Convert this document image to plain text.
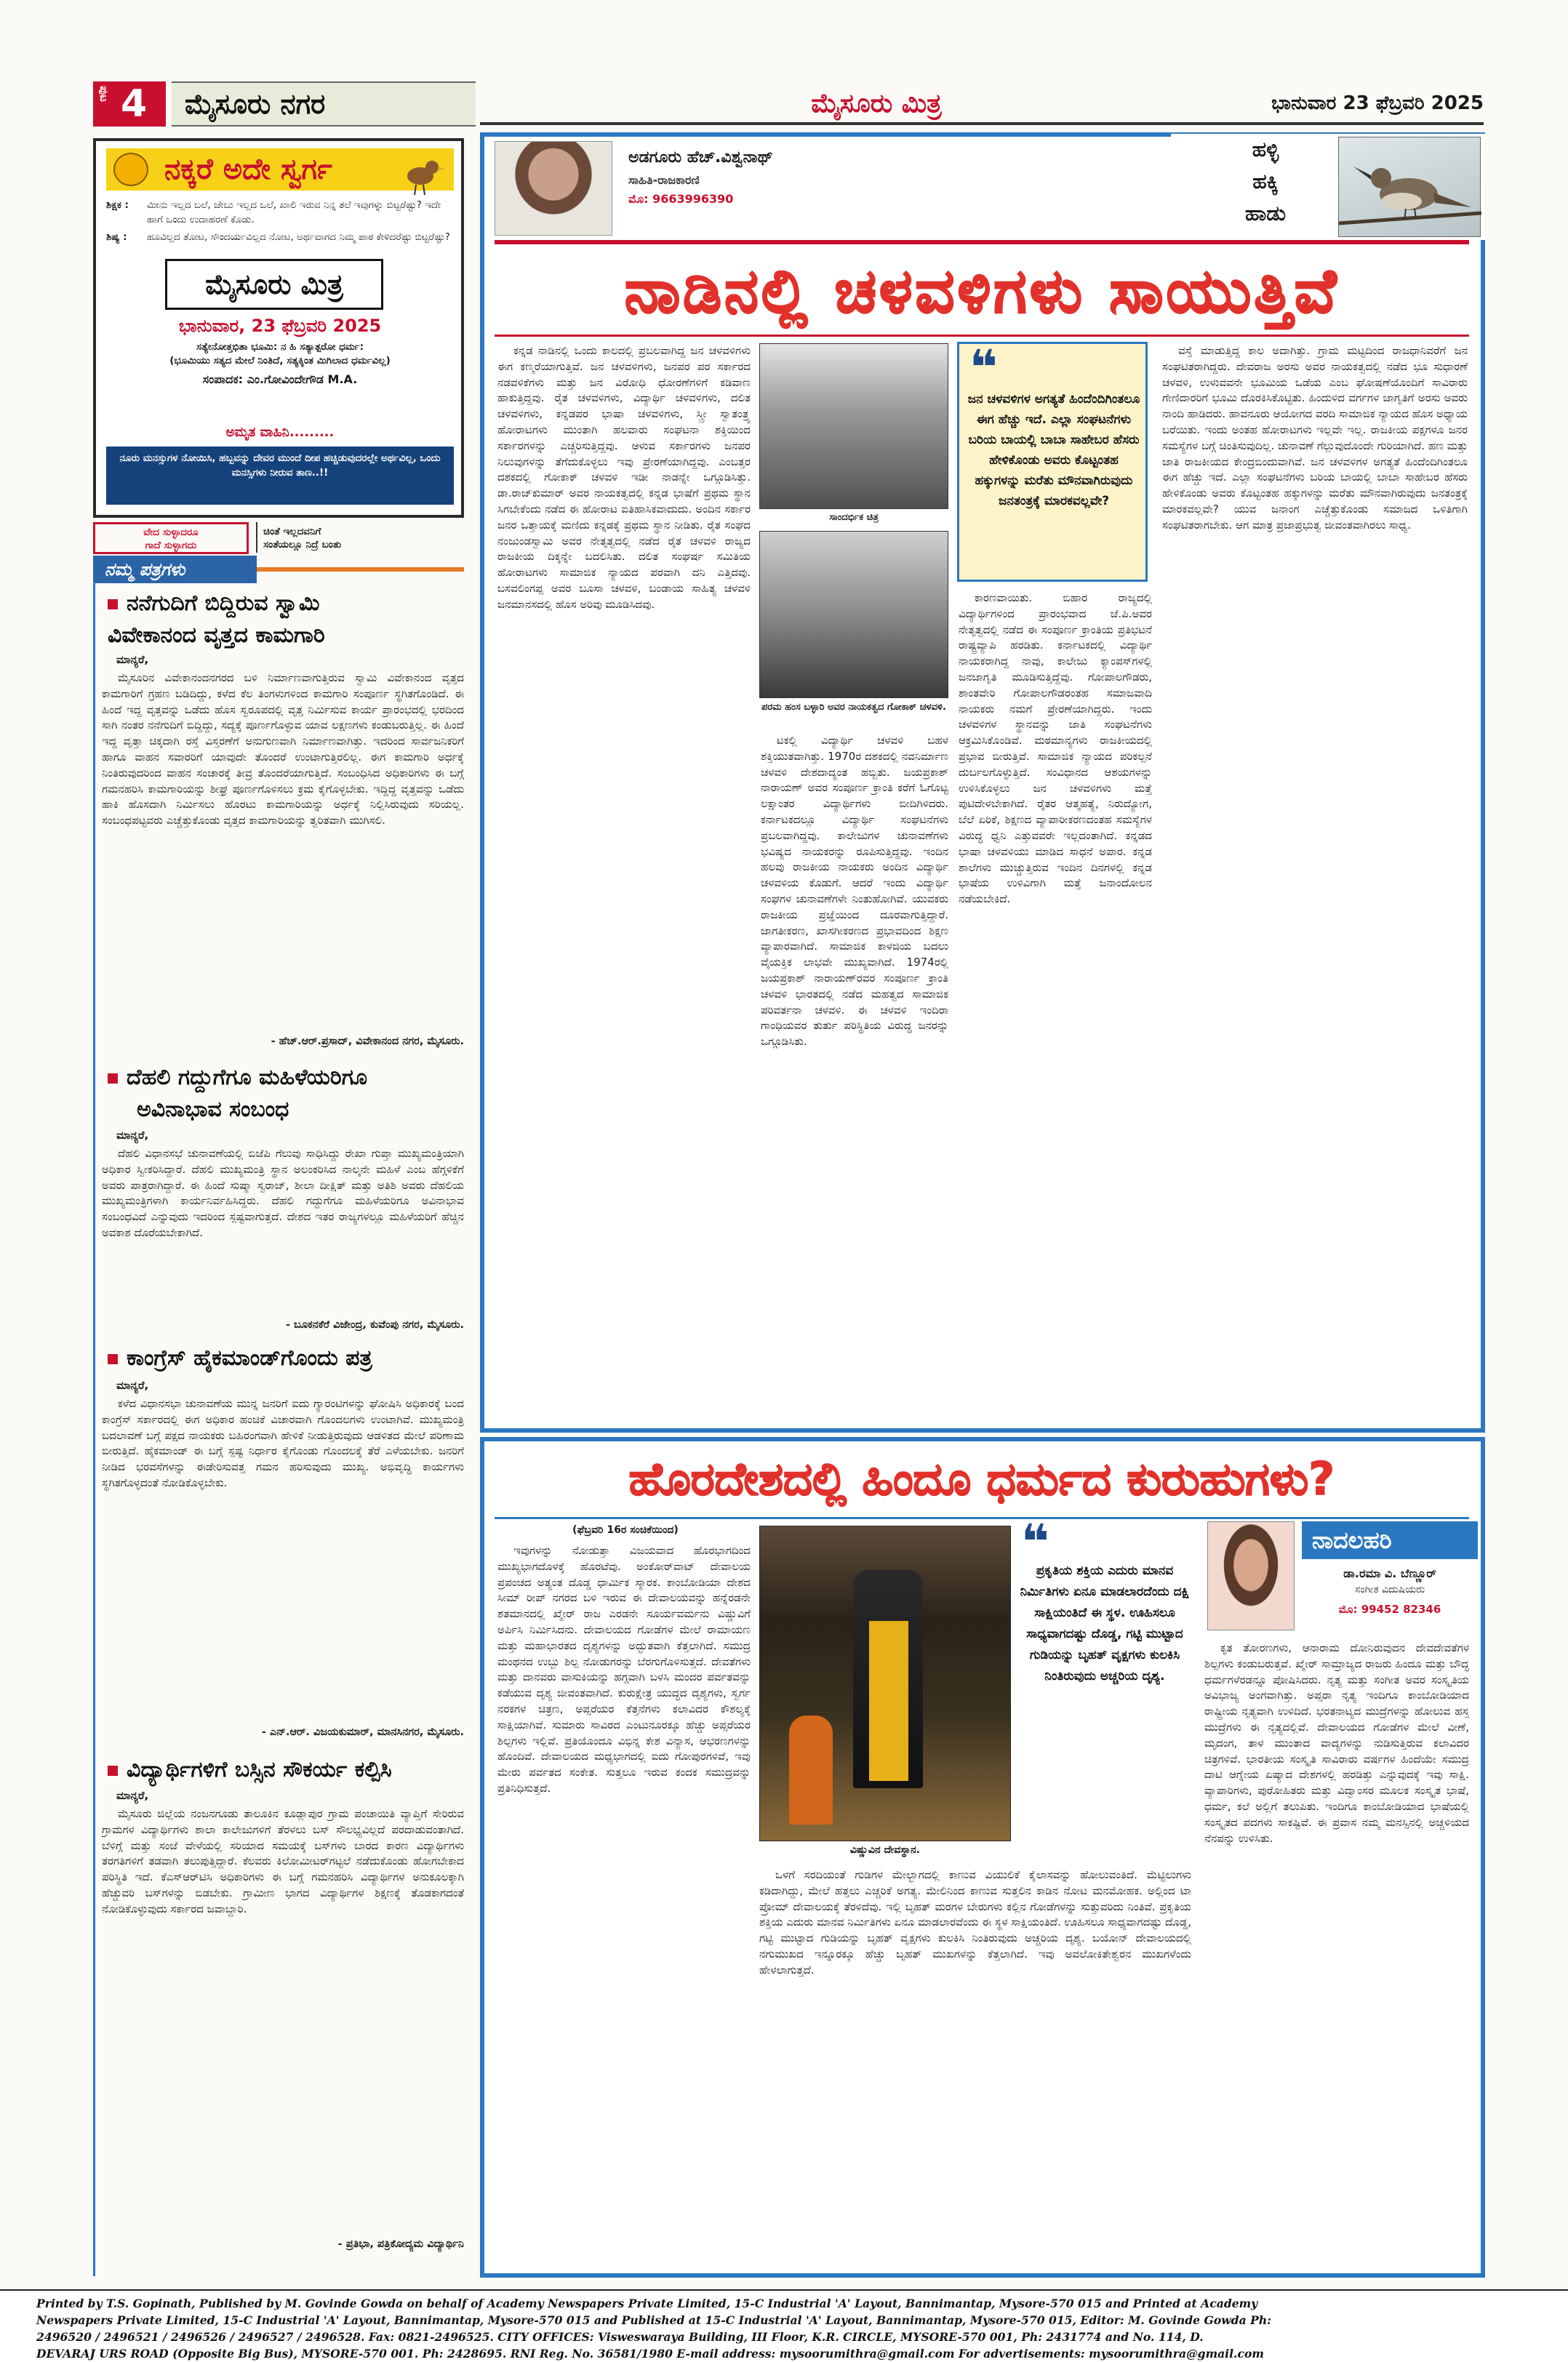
ಪುಟ 4	ಮೈಸೂರು ನಗರ	ಮೈಸೂರು ಮಿತ್ರ	ಭಾನುವಾರ 23 ಫೆಬ್ರವರಿ 2025
ನಕ್ಕರೆ ಅದೇ ಸ್ವರ್ಗ
ಶಿಕ್ಷಕ :	ಮೀನು ಇಲ್ಲದ ಬಲೆ, ಜೇಬು ಇಲ್ಲದ ಒಲೆ, ಖಾಲಿ ಇರುವ ನಿನ್ನ ತಲೆ ಇವುಗಳ್ನು ಬಿಟ್ಟರೆಷ್ಟು? ಇದೇ ಹಾಗೆ ಒಂದು ಉದಾಹರಣೆ ಕೊಡು.
ಶಿಷ್ಯ :	ಹೂವಿಲ್ಲದ ತೋಟ, ಸೌಂದರ್ಯವಿಲ್ಲದ ನೋಟ, ಅರ್ಥವಾಗದ ನಿಮ್ಮ ಪಾಠ ಕೇಳಿದರೆಷ್ಟು ಬಿಟ್ಟರೆಷ್ಟು?
ಮೈಸೂರು ಮಿತ್ರ
ಭಾನುವಾರ, 23 ಫೆಬ್ರವರಿ 2025
ಸತ್ಯೇನೋತ್ತಭಿತಾ ಭೂಮಿ: ನ ಹಿ ಸತ್ಯಾತ್ಪರೋ ಧರ್ಮ:
(ಭೂಮಿಯು ಸತ್ಯದ ಮೇಲೆ ನಿಂತಿದೆ, ಸತ್ಯಕ್ಕಿಂತ ಮಿಗಿಲಾದ ಧರ್ಮವಿಲ್ಲ)
ಸಂಪಾದಕ: ಎಂ.ಗೋವಿಂದೇಗೌಡ M.A.
ಅಮೃತ ವಾಹಿನಿ.........
ನೂರು ಮನಸ್ಸುಗಳ ನೋಯಿಸಿ, ಹಬ್ಬವನ್ನು ದೇವರ ಮುಂದೆ ದೀಪ ಹಚ್ಚಿಡುವುದರಲ್ಲೇ ಅರ್ಥವಿಲ್ಲ, ಒಂದು ಮನಸ್ಸಿಗಳು ನೀರುವ ತಾಣ..!!
ವೇದ ಸುಳ್ಳಾದರೂ
ಗಾದೆ ಸುಳ್ಳಾಗದು
ಚಿಂತೆ ಇಲ್ಲದವನಿಗೆ
ಸಂತೆಯಲ್ಲೂ ನಿದ್ರೆ ಬಂತು
ನಮ್ಮ ಪತ್ರಗಳು
ನನೆಗುದಿಗೆ ಬಿದ್ದಿರುವ ಸ್ವಾಮಿ
ವಿವೇಕಾನಂದ ವೃತ್ತದ ಕಾಮಗಾರಿ
ಮಾನ್ಯರೆ,

ಮೈಸೂರಿನ ವಿವೇಕಾನಂದನಗರದ ಬಳಿ ನಿರ್ಮಾಣವಾಗುತ್ತಿರುವ ಸ್ವಾಮಿ ವಿವೇಕಾನಂದ ವೃತ್ತದ ಕಾಮಗಾರಿಗೆ ಗ್ರಹಣ ಬಡಿದಿದ್ದು, ಕಳೆದ ಕೆಲ ತಿಂಗಳುಗಳಿಂದ ಕಾಮಗಾರಿ ಸಂಪೂರ್ಣ ಸ್ಥಗಿತಗೊಂಡಿದೆ. ಈ ಹಿಂದೆ ಇದ್ದ ವೃತ್ತವನ್ನು ಒಡೆದು ಹೊಸ ಸ್ವರೂಪದಲ್ಲಿ ವೃತ್ತ ನಿರ್ಮಿಸುವ ಕಾರ್ಯ ಪ್ರಾರಂಭದಲ್ಲಿ ಭರದಿಂದ ಸಾಗಿ ನಂತರ ನನೆಗುದಿಗೆ ಬಿದ್ದಿದ್ದು, ಸದ್ಯಕ್ಕೆ ಪೂರ್ಣಗೊಳ್ಳುವ ಯಾವ ಲಕ್ಷಣಗಳು ಕಂಡುಬರುತ್ತಿಲ್ಲ. ಈ ಹಿಂದೆ ಇದ್ದ ವೃತ್ತಾ ಚಿಕ್ಕದಾಗಿ ರಸ್ತೆ ವಿಸ್ತರಣೆಗೆ ಅನುಗುಣವಾಗಿ ನಿರ್ಮಾಣವಾಗಿತ್ತು. ಇದರಿಂದ ಸಾರ್ವಜನಿಕರಿಗೆ ಹಾಗೂ ವಾಹನ ಸವಾರರಿಗೆ ಯಾವುದೇ ತೊಂದರೆ ಉಂಟಾಗುತ್ತಿರಲಿಲ್ಲ. ಈಗ ಕಾಮಗಾರಿ ಅರ್ಧಕ್ಕೆ ನಿಂತಿರುವುದರಿಂದ ವಾಹನ ಸಂಚಾರಕ್ಕೆ ತೀವ್ರ ತೊಂದರೆಯಾಗುತ್ತಿದೆ. ಸಂಬಂಧಿಸಿದ ಅಧಿಕಾರಿಗಳು ಈ ಬಗ್ಗೆ ಗಮನಹರಿಸಿ ಕಾಮಗಾರಿಯನ್ನು ಶೀಘ್ರ ಪೂರ್ಣಗೊಳಿಸಲು ಕ್ರಮ ಕೈಗೊಳ್ಳಬೇಕು. ಇದ್ದಿದ್ದ ವೃತ್ತವನ್ನು ಒಡೆದು ಹಾಕಿ ಹೊಸದಾಗಿ ನಿರ್ಮಿಸಲು ಹೊರಟು ಕಾಮಗಾರಿಯನ್ನು ಅರ್ಧಕ್ಕೆ ನಿಲ್ಲಿಸಿರುವುದು ಸರಿಯಲ್ಲ. ಸಂಬಂಧಪಟ್ಟವರು ಎಚ್ಚೆತ್ತುಕೊಂಡು ವೃತ್ತದ ಕಾಮಗಾರಿಯನ್ನು ತ್ವರಿತವಾಗಿ ಮುಗಿಸಲಿ.

- ಹೆಚ್.ಆರ್.ಪ್ರಸಾದ್, ವಿವೇಕಾನಂದ ನಗರ, ಮೈಸೂರು.
ದೆಹಲಿ ಗದ್ದುಗೆಗೂ ಮಹಿಳೆಯರಿಗೂ
ಅವಿನಾಭಾವ ಸಂಬಂಧ
ಮಾನ್ಯರೆ,

ದೆಹಲಿ ವಿಧಾನಸಭೆ ಚುನಾವಣೆಯಲ್ಲಿ ಬಿಜೆಪಿ ಗೆಲುವು ಸಾಧಿಸಿದ್ದು ರೇಖಾ ಗುಪ್ತಾ ಮುಖ್ಯಮಂತ್ರಿಯಾಗಿ ಅಧಿಕಾರ ಸ್ವೀಕರಿಸಿದ್ದಾರೆ. ದೆಹಲಿ ಮುಖ್ಯಮಂತ್ರಿ ಸ್ಥಾನ ಅಲಂಕರಿಸಿದ ನಾಲ್ಕನೇ ಮಹಿಳೆ ಎಂಬ ಹೆಗ್ಗಳಿಕೆಗೆ ಅವರು ಪಾತ್ರರಾಗಿದ್ದಾರೆ. ಈ ಹಿಂದೆ ಸುಷ್ಮಾ ಸ್ವರಾಜ್, ಶೀಲಾ ದೀಕ್ಷಿತ್ ಮತ್ತು ಅತಿಶಿ ಅವರು ದೆಹಲಿಯ ಮುಖ್ಯಮಂತ್ರಿಗಳಾಗಿ ಕಾರ್ಯನಿರ್ವಹಿಸಿದ್ದರು. ದೆಹಲಿ ಗದ್ದುಗೆಗೂ ಮಹಿಳೆಯರಿಗೂ ಅವಿನಾಭಾವ ಸಂಬಂಧವಿದೆ ಎನ್ನುವುದು ಇದರಿಂದ ಸ್ಪಷ್ಟವಾಗುತ್ತದೆ. ದೇಶದ ಇತರ ರಾಜ್ಯಗಳಲ್ಲೂ ಮಹಿಳೆಯರಿಗೆ ಹೆಚ್ಚಿನ ಅವಕಾಶ ದೊರೆಯಬೇಕಾಗಿದೆ.

- ಬೂಕನಕೆರೆ ವಿಜೇಂದ್ರ, ಕುವೆಂಪು ನಗರ, ಮೈಸೂರು.
ಕಾಂಗ್ರೆಸ್ ಹೈಕಮಾಂಡ್‌ಗೊಂದು ಪತ್ರ
ಮಾನ್ಯರೆ,

ಕಳೆದ ವಿಧಾನಸಭಾ ಚುನಾವಣೆಯ ಮುನ್ನ ಜನರಿಗೆ ಐದು ಗ್ಯಾರಂಟಿಗಳನ್ನು ಘೋಷಿಸಿ ಅಧಿಕಾರಕ್ಕೆ ಬಂದ ಕಾಂಗ್ರೆಸ್ ಸರ್ಕಾರದಲ್ಲಿ ಈಗ ಅಧಿಕಾರ ಹಂಚಿಕೆ ವಿಚಾರವಾಗಿ ಗೊಂದಲಗಳು ಉಂಟಾಗಿವೆ. ಮುಖ್ಯಮಂತ್ರಿ ಬದಲಾವಣೆ ಬಗ್ಗೆ ಪಕ್ಷದ ನಾಯಕರು ಬಹಿರಂಗವಾಗಿ ಹೇಳಿಕೆ ನೀಡುತ್ತಿರುವುದು ಆಡಳಿತದ ಮೇಲೆ ಪರಿಣಾಮ ಬೀರುತ್ತಿದೆ. ಹೈಕಮಾಂಡ್ ಈ ಬಗ್ಗೆ ಸ್ಪಷ್ಟ ನಿರ್ಧಾರ ಕೈಗೊಂಡು ಗೊಂದಲಕ್ಕೆ ತೆರೆ ಎಳೆಯಬೇಕು. ಜನರಿಗೆ ನೀಡಿದ ಭರವಸೆಗಳನ್ನು ಈಡೇರಿಸುವತ್ತ ಗಮನ ಹರಿಸುವುದು ಮುಖ್ಯ. ಅಭಿವೃದ್ಧಿ ಕಾರ್ಯಗಳು ಸ್ಥಗಿತಗೊಳ್ಳದಂತೆ ನೋಡಿಕೊಳ್ಳಬೇಕು.

- ಎನ್.ಆರ್. ವಿಜಯಕುಮಾರ್, ಮಾನಸಿನಗರ, ಮೈಸೂರು.
ವಿದ್ಯಾರ್ಥಿಗಳಿಗೆ ಬಸ್ಸಿನ ಸೌಕರ್ಯ ಕಲ್ಪಿಸಿ
ಮಾನ್ಯರೆ,

ಮೈಸೂರು ಜಿಲ್ಲೆಯ ನಂಜನಗೂಡು ತಾಲೂಕಿನ ಕೂಡ್ಲಾಪುರ ಗ್ರಾಮ ಪಂಚಾಯಿತಿ ವ್ಯಾಪ್ತಿಗೆ ಸೇರಿರುವ ಗ್ರಾಮಗಳ ವಿದ್ಯಾರ್ಥಿಗಳು ಶಾಲಾ ಕಾಲೇಜುಗಳಿಗೆ ತೆರಳಲು ಬಸ್ ಸೌಲಭ್ಯವಿಲ್ಲದೆ ಪರದಾಡುವಂತಾಗಿದೆ. ಬೆಳಿಗ್ಗೆ ಮತ್ತು ಸಂಜೆ ವೇಳೆಯಲ್ಲಿ ಸರಿಯಾದ ಸಮಯಕ್ಕೆ ಬಸ್‌ಗಳು ಬಾರದ ಕಾರಣ ವಿದ್ಯಾರ್ಥಿಗಳು ತರಗತಿಗಳಿಗೆ ತಡವಾಗಿ ತಲುಪುತ್ತಿದ್ದಾರೆ. ಕೆಲವರು ಕಿಲೋಮೀಟರ್‌ಗಟ್ಟಲೆ ನಡೆದುಕೊಂಡು ಹೋಗಬೇಕಾದ ಪರಿಸ್ಥಿತಿ ಇದೆ. ಕೆಎಸ್‌ಆರ್‌ಟಿಸಿ ಅಧಿಕಾರಿಗಳು ಈ ಬಗ್ಗೆ ಗಮನಹರಿಸಿ ವಿದ್ಯಾರ್ಥಿಗಳ ಅನುಕೂಲಕ್ಕಾಗಿ ಹೆಚ್ಚುವರಿ ಬಸ್‌ಗಳನ್ನು ಬಿಡಬೇಕು. ಗ್ರಾಮೀಣ ಭಾಗದ ವಿದ್ಯಾರ್ಥಿಗಳ ಶಿಕ್ಷಣಕ್ಕೆ ತೊಡಕಾಗದಂತೆ ನೋಡಿಕೊಳ್ಳುವುದು ಸರ್ಕಾರದ ಜವಾಬ್ದಾರಿ.

- ಪ್ರತಿಭಾ, ಪತ್ರಿಕೋದ್ಯಮ ವಿದ್ಯಾರ್ಥಿನಿ
ಅಡಗೂರು ಹೆಚ್.ವಿಶ್ವನಾಥ್
ಸಾಹಿತಿ-ರಾಜಕಾರಣಿ
ಮೊ: 9663996390
ಹಳ್ಳಿ
ಹಕ್ಕಿ
ಹಾಡು
ನಾಡಿನಲ್ಲಿ ಚಳವಳಿಗಳು ಸಾಯುತ್ತಿವೆ

ಕನ್ನಡ ನಾಡಿನಲ್ಲಿ ಒಂದು ಕಾಲದಲ್ಲಿ ಪ್ರಬಲವಾಗಿದ್ದ ಜನ ಚಳವಳಿಗಳು ಈಗ ಕಣ್ಮರೆಯಾಗುತ್ತಿವೆ. ಜನ ಚಳವಳಿಗಳು, ಜನಪರ ಪರ ಸರ್ಕಾರದ ನಡವಳಿಕೆಗಳು ಮತ್ತು ಜನ ವಿರೋಧಿ ಧೋರಣೆಗಳಿಗೆ ಕಡಿವಾಣ ಹಾಕುತ್ತಿದ್ದವು. ರೈತ ಚಳವಳಿಗಳು, ವಿದ್ಯಾರ್ಥಿ ಚಳವಳಿಗಳು, ದಲಿತ ಚಳವಳಿಗಳು, ಕನ್ನಡಪರ ಭಾಷಾ ಚಳವಳಿಗಳು, ಸ್ತ್ರೀ ಸ್ವಾತಂತ್ರ್ಯ ಹೋರಾಟಗಳು ಮುಂತಾಗಿ ಹಲವಾರು ಸಂಘಟನಾ ಶಕ್ತಿಯಿಂದ ಸರ್ಕಾರಗಳನ್ನು ಎಚ್ಚರಿಸುತ್ತಿದ್ದವು. ಆಳುವ ಸರ್ಕಾರಗಳು ಜನಪರ ನಿಲುವುಗಳನ್ನು ತೆಗೆದುಕೊಳ್ಳಲು ಇವು ಪ್ರೇರಣೆಯಾಗಿದ್ದವು. ಎಂಬತ್ತರ ದಶಕದಲ್ಲಿ ಗೋಕಾಕ್ ಚಳವಳಿ ಇಡೀ ನಾಡನ್ನೇ ಒಗ್ಗೂಡಿಸಿತ್ತು. ಡಾ.ರಾಜ್‌ಕುಮಾರ್ ಅವರ ನಾಯಕತ್ವದಲ್ಲಿ ಕನ್ನಡ ಭಾಷೆಗೆ ಪ್ರಥಮ ಸ್ಥಾನ ಸಿಗಬೇಕೆಂದು ನಡೆದ ಈ ಹೋರಾಟ ಐತಿಹಾಸಿಕವಾದುದು. ಅಂದಿನ ಸರ್ಕಾರ ಜನರ ಒತ್ತಾಯಕ್ಕೆ ಮಣಿದು ಕನ್ನಡಕ್ಕೆ ಪ್ರಥಮ ಸ್ಥಾನ ನೀಡಿತು. ರೈತ ಸಂಘದ ನಂಜುಂಡಸ್ವಾಮಿ ಅವರ ನೇತೃತ್ವದಲ್ಲಿ ನಡೆದ ರೈತ ಚಳವಳಿ ರಾಜ್ಯದ ರಾಜಕೀಯ ದಿಕ್ಕನ್ನೇ ಬದಲಿಸಿತು. ದಲಿತ ಸಂಘರ್ಷ ಸಮಿತಿಯ ಹೋರಾಟಗಳು ಸಾಮಾಜಿಕ ನ್ಯಾಯದ ಪರವಾಗಿ ದನಿ ಎತ್ತಿದವು. ಬಸವಲಿಂಗಪ್ಪ ಅವರ ಬೂಸಾ ಚಳವಳಿ, ಬಂಡಾಯ ಸಾಹಿತ್ಯ ಚಳವಳಿ ಜನಮಾನಸದಲ್ಲಿ ಹೊಸ ಅರಿವು ಮೂಡಿಸಿದವು.

ಸಾಂದರ್ಭಿಕ ಚಿತ್ರ
ಪರಮ ಹಂಸ ಬಳ್ಳಾರಿ ಅವರ ನಾಯಕತ್ವದ ಗೋಕಾಕ್ ಚಳವಳಿ.

ಟಕಲ್ಲಿ ವಿದ್ಯಾರ್ಥಿ ಚಳವಳಿ ಬಹಳ ಶಕ್ತಿಯುತವಾಗಿತ್ತು. 1970ರ ದಶಕದಲ್ಲಿ ನವನಿರ್ಮಾಣ ಚಳವಳಿ ದೇಶದಾದ್ಯಂತ ಹಬ್ಬಿತು. ಜಯಪ್ರಕಾಶ್ ನಾರಾಯಣ್ ಅವರ ಸಂಪೂರ್ಣ ಕ್ರಾಂತಿ ಕರೆಗೆ ಓಗೊಟ್ಟ ಲಕ್ಷಾಂತರ ವಿದ್ಯಾರ್ಥಿಗಳು ಬೀದಿಗಿಳಿದರು. ಕರ್ನಾಟಕದಲ್ಲೂ ವಿದ್ಯಾರ್ಥಿ ಸಂಘಟನೆಗಳು ಪ್ರಬಲವಾಗಿದ್ದವು. ಕಾಲೇಜುಗಳ ಚುನಾವಣೆಗಳು ಭವಿಷ್ಯದ ನಾಯಕರನ್ನು ರೂಪಿಸುತ್ತಿದ್ದವು. ಇಂದಿನ ಹಲವು ರಾಜಕೀಯ ನಾಯಕರು ಅಂದಿನ ವಿದ್ಯಾರ್ಥಿ ಚಳವಳಿಯ ಕೊಡುಗೆ. ಆದರೆ ಇಂದು ವಿದ್ಯಾರ್ಥಿ ಸಂಘಗಳ ಚುನಾವಣೆಗಳೇ ನಿಂತುಹೋಗಿವೆ. ಯುವಕರು ರಾಜಕೀಯ ಪ್ರಜ್ಞೆಯಿಂದ ದೂರವಾಗುತ್ತಿದ್ದಾರೆ. ಜಾಗತೀಕರಣ, ಖಾಸಗೀಕರಣದ ಪ್ರಭಾವದಿಂದ ಶಿಕ್ಷಣ ವ್ಯಾಪಾರವಾಗಿದೆ. ಸಾಮಾಜಿಕ ಕಾಳಜಿಯ ಬದಲು ವೈಯಕ್ತಿಕ ಲಾಭವೇ ಮುಖ್ಯವಾಗಿದೆ. 1974ರಲ್ಲಿ ಜಯಪ್ರಕಾಶ್ ನಾರಾಯಣ್‌ರವರ ಸಂಪೂರ್ಣ ಕ್ರಾಂತಿ ಚಳವಳಿ ಭಾರತದಲ್ಲಿ ನಡೆದ ಮಹತ್ವದ ಸಾಮಾಜಿಕ ಪರಿವರ್ತನಾ ಚಳವಳಿ. ಈ ಚಳವಳಿ ಇಂದಿರಾ ಗಾಂಧಿಯವರ ತುರ್ತು ಪರಿಸ್ಥಿತಿಯ ವಿರುದ್ಧ ಜನರನ್ನು ಒಗ್ಗೂಡಿಸಿತು.

❝
ಜನ ಚಳವಳಿಗಳ ಅಗತ್ಯತೆ ಹಿಂದೆಂದಿಗಿಂತಲೂ ಈಗ ಹೆಚ್ಚು ಇದೆ. ಎಲ್ಲಾ ಸಂಘಟನೆಗಳು ಬರಿಯ ಬಾಯಲ್ಲಿ ಬಾಬಾ ಸಾಹೇಬರ ಹೆಸರು ಹೇಳಿಕೊಂಡು ಅವರು ಕೊಟ್ಟಂತಹ ಹಕ್ಕುಗಳನ್ನು ಮರೆತು ಮೌನವಾಗಿರುವುದು ಜನತಂತ್ರಕ್ಕೆ ಮಾರಕವಲ್ಲವೇ?

ಕಾರಣವಾಯಿತು. ಬಿಹಾರ ರಾಜ್ಯದಲ್ಲಿ ವಿದ್ಯಾರ್ಥಿಗಳಿಂದ ಪ್ರಾರಂಭವಾದ ಜೆ.ಪಿ.ಅವರ ನೇತೃತ್ವದಲ್ಲಿ ನಡೆದ ಈ ಸಂಪೂರ್ಣ ಕ್ರಾಂತಿಯ ಪ್ರತಿಭಟನೆ ರಾಷ್ಟ್ರವ್ಯಾಪಿ ಹರಡಿತು. ಕರ್ನಾಟಕದಲ್ಲಿ ವಿದ್ಯಾರ್ಥಿ ನಾಯಕರಾಗಿದ್ದ ನಾವು, ಕಾಲೇಜು ಕ್ಯಾಂಪಸ್‌ಗಳಲ್ಲಿ ಜನಜಾಗೃತಿ ಮೂಡಿಸುತ್ತಿದ್ದೆವು. ಗೋಪಾಲಗೌಡರು, ಶಾಂತವೇರಿ ಗೋಪಾಲಗೌಡರಂತಹ ಸಮಾಜವಾದಿ ನಾಯಕರು ನಮಗೆ ಪ್ರೇರಣೆಯಾಗಿದ್ದರು. ಇಂದು ಚಳವಳಿಗಳ ಸ್ಥಾನವನ್ನು ಜಾತಿ ಸಂಘಟನೆಗಳು ಆಕ್ರಮಿಸಿಕೊಂಡಿವೆ. ಮಠಮಾನ್ಯಗಳು ರಾಜಕೀಯದಲ್ಲಿ ಪ್ರಭಾವ ಬೀರುತ್ತಿವೆ. ಸಾಮಾಜಿಕ ನ್ಯಾಯದ ಪರಿಕಲ್ಪನೆ ದುರ್ಬಲಗೊಳ್ಳುತ್ತಿದೆ. ಸಂವಿಧಾನದ ಆಶಯಗಳನ್ನು ಉಳಿಸಿಕೊಳ್ಳಲು ಜನ ಚಳವಳಿಗಳು ಮತ್ತೆ ಪುಟಿದೇಳಬೇಕಾಗಿದೆ. ರೈತರ ಆತ್ಮಹತ್ಯೆ, ನಿರುದ್ಯೋಗ, ಬೆಲೆ ಏರಿಕೆ, ಶಿಕ್ಷಣದ ವ್ಯಾಪಾರೀಕರಣದಂತಹ ಸಮಸ್ಯೆಗಳ ವಿರುದ್ಧ ಧ್ವನಿ ಎತ್ತುವವರೇ ಇಲ್ಲದಂತಾಗಿದೆ. ಕನ್ನಡದ ಭಾಷಾ ಚಳವಳಿಯು ಮಾಡಿದ ಸಾಧನೆ ಅಪಾರ. ಕನ್ನಡ ಶಾಲೆಗಳು ಮುಚ್ಚುತ್ತಿರುವ ಇಂದಿನ ದಿನಗಳಲ್ಲಿ ಕನ್ನಡ ಭಾಷೆಯ ಉಳಿವಿಗಾಗಿ ಮತ್ತೆ ಜನಾಂದೋಲನ ನಡೆಯಬೇಕಿದೆ.

ವಸ್ತೆ ಮಾಡುತ್ತಿದ್ದ ಕಾಲ ಅದಾಗಿತ್ತು. ಗ್ರಾಮ ಮಟ್ಟದಿಂದ ರಾಜಧಾನಿವರೆಗೆ ಜನ ಸಂಘಟಿತರಾಗಿದ್ದರು. ದೇವರಾಜ ಅರಸು ಅವರ ನಾಯಕತ್ವದಲ್ಲಿ ನಡೆದ ಭೂ ಸುಧಾರಣೆ ಚಳವಳಿ, ಉಳುವವನೇ ಭೂಮಿಯ ಒಡೆಯ ಎಂಬ ಘೋಷಣೆಯೊಂದಿಗೆ ಸಾವಿರಾರು ಗೇಣಿದಾರರಿಗೆ ಭೂಮಿ ದೊರಕಿಸಿಕೊಟ್ಟಿತು. ಹಿಂದುಳಿದ ವರ್ಗಗಳ ಜಾಗೃತಿಗೆ ಅರಸು ಅವರು ನಾಂದಿ ಹಾಡಿದರು. ಹಾವನೂರು ಆಯೋಗದ ವರದಿ ಸಾಮಾಜಿಕ ನ್ಯಾಯದ ಹೊಸ ಅಧ್ಯಾಯ ಬರೆಯಿತು. ಇಂದು ಅಂತಹ ಹೋರಾಟಗಳು ಇಲ್ಲವೇ ಇಲ್ಲ. ರಾಜಕೀಯ ಪಕ್ಷಗಳೂ ಜನರ ಸಮಸ್ಯೆಗಳ ಬಗ್ಗೆ ಚಿಂತಿಸುವುದಿಲ್ಲ. ಚುನಾವಣೆ ಗೆಲ್ಲುವುದೊಂದೇ ಗುರಿಯಾಗಿದೆ. ಹಣ ಮತ್ತು ಜಾತಿ ರಾಜಕೀಯದ ಕೇಂದ್ರಬಿಂದುವಾಗಿವೆ. ಜನ ಚಳವಳಿಗಳ ಅಗತ್ಯತೆ ಹಿಂದೆಂದಿಗಿಂತಲೂ ಈಗ ಹೆಚ್ಚು ಇದೆ. ಎಲ್ಲಾ ಸಂಘಟನೆಗಳು ಬರಿಯ ಬಾಯಲ್ಲಿ ಬಾಬಾ ಸಾಹೇಬರ ಹೆಸರು ಹೇಳಿಕೊಂಡು ಅವರು ಕೊಟ್ಟಂತಹ ಹಕ್ಕುಗಳನ್ನು ಮರೆತು ಮೌನವಾಗಿರುವುದು ಜನತಂತ್ರಕ್ಕೆ ಮಾರಕವಲ್ಲವೇ? ಯುವ ಜನಾಂಗ ಎಚ್ಚೆತ್ತುಕೊಂಡು ಸಮಾಜದ ಒಳಿತಿಗಾಗಿ ಸಂಘಟಿತರಾಗಬೇಕು. ಆಗ ಮಾತ್ರ ಪ್ರಜಾಪ್ರಭುತ್ವ ಜೀವಂತವಾಗಿರಲು ಸಾಧ್ಯ.

ಹೊರದೇಶದಲ್ಲಿ ಹಿಂದೂ ಧರ್ಮದ ಕುರುಹುಗಳು?
(ಫೆಬ್ರವರಿ 16ರ ಸಂಚಿಕೆಯಿಂದ)

ಇವುಗಳನ್ನು ನೋಡುತ್ತಾ ವಿಜಯವಾದ ಹೊರಭಾಗದಿಂದ ಮುಖ್ಯಭಾಗದೊಳಕ್ಕೆ ಹೊರಟೆವು. ಅಂಕೋರ್‌ವಾಟ್ ದೇವಾಲಯ ಪ್ರಪಂಚದ ಅತ್ಯಂತ ದೊಡ್ಡ ಧಾರ್ಮಿಕ ಸ್ಮಾರಕ. ಕಾಂಬೋಡಿಯಾ ದೇಶದ ಸೀಮ್ ರೀಪ್ ನಗರದ ಬಳಿ ಇರುವ ಈ ದೇವಾಲಯವನ್ನು ಹನ್ನೆರಡನೇ ಶತಮಾನದಲ್ಲಿ ಖ್ಮೇರ್ ರಾಜ ಎರಡನೇ ಸೂರ್ಯವರ್ಮನು ವಿಷ್ಣುವಿಗೆ ಅರ್ಪಿಸಿ ನಿರ್ಮಿಸಿದನು. ದೇವಾಲಯದ ಗೋಡೆಗಳ ಮೇಲೆ ರಾಮಾಯಣ ಮತ್ತು ಮಹಾಭಾರತದ ದೃಶ್ಯಗಳನ್ನು ಅದ್ಭುತವಾಗಿ ಕೆತ್ತಲಾಗಿದೆ. ಸಮುದ್ರ ಮಂಥನದ ಉಬ್ಬು ಶಿಲ್ಪ ನೋಡುಗರನ್ನು ಬೆರಗುಗೊಳಿಸುತ್ತದೆ. ದೇವತೆಗಳು ಮತ್ತು ದಾನವರು ವಾಸುಕಿಯನ್ನು ಹಗ್ಗವಾಗಿ ಬಳಸಿ ಮಂದರ ಪರ್ವತವನ್ನು ಕಡೆಯುವ ದೃಶ್ಯ ಜೀವಂತವಾಗಿದೆ. ಕುರುಕ್ಷೇತ್ರ ಯುದ್ಧದ ದೃಶ್ಯಗಳು, ಸ್ವರ್ಗ ನರಕಗಳ ಚಿತ್ರಣ, ಅಪ್ಸರೆಯರ ಕೆತ್ತನೆಗಳು ಕಲಾವಿದರ ಕೌಶಲ್ಯಕ್ಕೆ ಸಾಕ್ಷಿಯಾಗಿವೆ. ಸುಮಾರು ಸಾವಿರದ ಎಂಟುನೂರಕ್ಕೂ ಹೆಚ್ಚು ಅಪ್ಸರೆಯರ ಶಿಲ್ಪಗಳು ಇಲ್ಲಿವೆ. ಪ್ರತಿಯೊಂದೂ ವಿಭಿನ್ನ ಕೇಶ ವಿನ್ಯಾಸ, ಆಭರಣಗಳನ್ನು ಹೊಂದಿವೆ. ದೇವಾಲಯದ ಮಧ್ಯಭಾಗದಲ್ಲಿ ಐದು ಗೋಪುರಗಳಿವೆ, ಇವು ಮೇರು ಪರ್ವತದ ಸಂಕೇತ. ಸುತ್ತಲೂ ಇರುವ ಕಂದಕ ಸಮುದ್ರವನ್ನು ಪ್ರತಿನಿಧಿಸುತ್ತದೆ.

ವಿಷ್ಣುವಿನ ದೇವಸ್ಥಾನ.
❝
ಪ್ರಕೃತಿಯ ಶಕ್ತಿಯ ಎದುರು ಮಾನವ ನಿರ್ಮಿತಿಗಳು ಏನೂ ಮಾಡಲಾರದೆಂದು ದಕ್ಷಿ ಸಾಕ್ಷಿಯಂತಿದೆ ಈ ಸ್ಥಳ. ಊಹಿಸಲೂ ಸಾಧ್ಯವಾಗದಷ್ಟು ದೊಡ್ಡ, ಗಟ್ಟಿ ಮುಟ್ಟಾದ ಗುಡಿಯನ್ನು ಬೃಹತ್ ವೃಕ್ಷಗಳು ಕುಲಕಿಸಿ ನಿಂತಿರುವುದು ಅಚ್ಚರಿಯ ದೃಶ್ಯ.

ಒಳಗೆ ಸರದಿಯಂತೆ ಗುಡಿಗಳ ಮೇಲ್ಭಾಗದಲ್ಲಿ ಕಾಣುವ ವಿಯುಲಿಕೆ ಕೈಲಾಸವನ್ನು ಹೋಲುವಂತಿದೆ. ಮೆಟ್ಟಿಲುಗಳು ಕಡಿದಾಗಿದ್ದು, ಮೇಲೆ ಹತ್ತಲು ಎಚ್ಚರಿಕೆ ಅಗತ್ಯ. ಮೇಲಿನಿಂದ ಕಾಣುವ ಸುತ್ತಲಿನ ಕಾಡಿನ ನೋಟ ಮನಮೋಹಕ. ಅಲ್ಲಿಂದ ಟಾ ಪ್ರೋಮ್ ದೇವಾಲಯಕ್ಕೆ ತೆರಳಿದೆವು. ಇಲ್ಲಿ ಬೃಹತ್ ಮರಗಳ ಬೇರುಗಳು ಕಲ್ಲಿನ ಗೋಡೆಗಳನ್ನು ಸುತ್ತುವರಿದು ನಿಂತಿವೆ. ಪ್ರಕೃತಿಯ ಶಕ್ತಿಯ ಎದುರು ಮಾನವ ನಿರ್ಮಿತಿಗಳು ಏನೂ ಮಾಡಲಾರವೆಂದು ಈ ಸ್ಥಳ ಸಾಕ್ಷಿಯಂತಿದೆ. ಊಹಿಸಲೂ ಸಾಧ್ಯವಾಗದಷ್ಟು ದೊಡ್ಡ, ಗಟ್ಟಿ ಮುಟ್ಟಾದ ಗುಡಿಯನ್ನು ಬೃಹತ್ ವೃಕ್ಷಗಳು ಕುಲಕಿಸಿ ನಿಂತಿರುವುದು ಅಚ್ಚರಿಯ ದೃಶ್ಯ. ಬಯೋನ್ ದೇವಾಲಯದಲ್ಲಿ ನಗುಮುಖದ ಇನ್ನೂರಕ್ಕೂ ಹೆಚ್ಚು ಬೃಹತ್ ಮುಖಗಳನ್ನು ಕೆತ್ತಲಾಗಿದೆ. ಇವು ಅವಲೋಕಿತೇಶ್ವರನ ಮುಖಗಳೆಂದು ಹೇಳಲಾಗುತ್ತದೆ.

ನಾದಲಹರಿ
ಡಾ.ರಮಾ ವಿ. ಬೆಣ್ಣೂರ್
ಸಂಗೀತ ವಿದುಷಿಯರು
ಮೊ: 99452 82346

ಕೃತ ತೋರಣಗಳು, ಆನಾರಾಮ ದೋನಿರುವುದನ ದೇವದೇವತೆಗಳ ಶಿಲ್ಪಗಳು ಕಂಡುಬರುತ್ತವೆ. ಖ್ಮೇರ್ ಸಾಮ್ರಾಜ್ಯದ ರಾಜರು ಹಿಂದೂ ಮತ್ತು ಬೌದ್ಧ ಧರ್ಮಗಳೆರಡನ್ನೂ ಪೋಷಿಸಿದರು. ನೃತ್ಯ ಮತ್ತು ಸಂಗೀತ ಅವರ ಸಂಸ್ಕೃತಿಯ ಅವಿಭಾಜ್ಯ ಅಂಗವಾಗಿತ್ತು. ಅಪ್ಸರಾ ನೃತ್ಯ ಇಂದಿಗೂ ಕಾಂಬೋಡಿಯಾದ ರಾಷ್ಟ್ರೀಯ ನೃತ್ಯವಾಗಿ ಉಳಿದಿದೆ. ಭರತನಾಟ್ಯದ ಮುದ್ರೆಗಳನ್ನು ಹೋಲುವ ಹಸ್ತ ಮುದ್ರೆಗಳು ಈ ನೃತ್ಯದಲ್ಲಿವೆ. ದೇವಾಲಯದ ಗೋಡೆಗಳ ಮೇಲೆ ವೀಣೆ, ಮೃದಂಗ, ತಾಳ ಮುಂತಾದ ವಾದ್ಯಗಳನ್ನು ನುಡಿಸುತ್ತಿರುವ ಕಲಾವಿದರ ಚಿತ್ರಗಳಿವೆ. ಭಾರತೀಯ ಸಂಸ್ಕೃತಿ ಸಾವಿರಾರು ವರ್ಷಗಳ ಹಿಂದೆಯೇ ಸಮುದ್ರ ದಾಟಿ ಆಗ್ನೇಯ ಏಷ್ಯಾದ ದೇಶಗಳಲ್ಲಿ ಹರಡಿತ್ತು ಎನ್ನುವುದಕ್ಕೆ ಇವು ಸಾಕ್ಷಿ. ವ್ಯಾಪಾರಿಗಳು, ಪುರೋಹಿತರು ಮತ್ತು ವಿದ್ವಾಂಸರ ಮೂಲಕ ಸಂಸ್ಕೃತ ಭಾಷೆ, ಧರ್ಮ, ಕಲೆ ಅಲ್ಲಿಗೆ ತಲುಪಿತು. ಇಂದಿಗೂ ಕಾಂಬೋಡಿಯಾದ ಭಾಷೆಯಲ್ಲಿ ಸಂಸ್ಕೃತದ ಪದಗಳು ಸಾಕಷ್ಟಿವೆ. ಈ ಪ್ರವಾಸ ನಮ್ಮ ಮನಸ್ಸಿನಲ್ಲಿ ಅಚ್ಚಳಿಯದ ನೆನಪನ್ನು ಉಳಿಸಿತು.

Printed by T.S. Gopinath, Published by M. Govinde Gowda on behalf of Academy Newspapers Private Limited, 15-C Industrial 'A' Layout, Bannimantap, Mysore-570 015 and Printed at Academy

Newspapers Private Limited, 15-C Industrial 'A' Layout, Bannimantap, Mysore-570 015 and Published at 15-C Industrial 'A' Layout, Bannimantap, Mysore-570 015, Editor: M. Govinde Gowda Ph:

2496520 / 2496521 / 2496526 / 2496527 / 2496528. Fax: 0821-2496525. CITY OFFICES: Visweswaraya Building, III Floor, K.R. CIRCLE, MYSORE-570 001, Ph: 2431774 and No. 114, D.

DEVARAJ URS ROAD (Opposite Big Bus), MYSORE-570 001. Ph: 2428695. RNI Reg. No. 36581/1980 E-mail address: mysoorumithra@gmail.com For advertisements: mysoorumithra@gmail.com
